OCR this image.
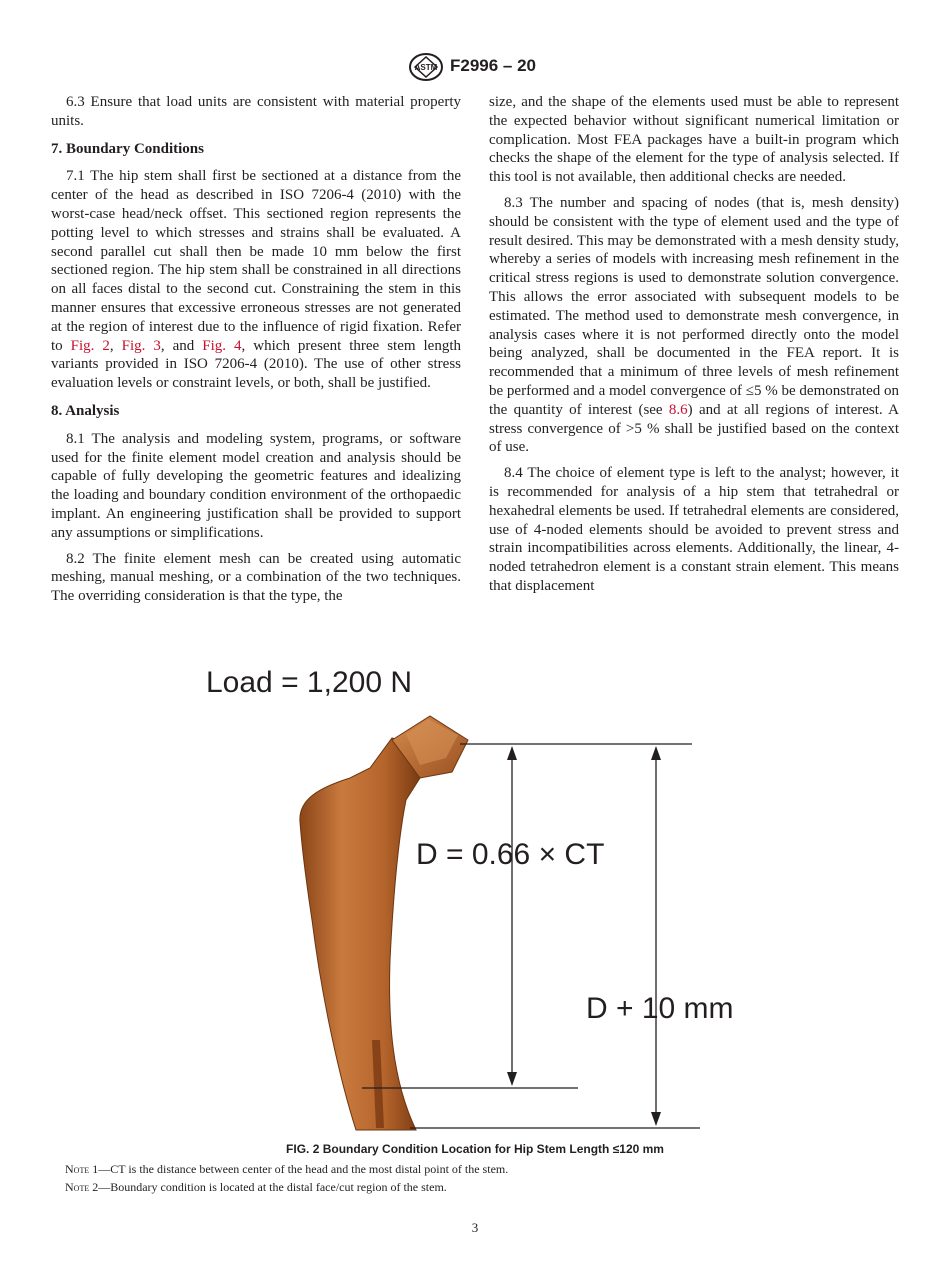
ASTM F2996 – 20

6.3 Ensure that load units are consistent with material property units.

7. Boundary Conditions

7.1 The hip stem shall first be sectioned at a distance from the center of the head as described in ISO 7206-4 (2010) with the worst-case head/neck offset. This sectioned region represents the potting level to which stresses and strains shall be evaluated. A second parallel cut shall then be made 10 mm below the first sectioned region. The hip stem shall be constrained in all directions on all faces distal to the second cut. Constraining the stem in this manner ensures that excessive erroneous stresses are not generated at the region of interest due to the influence of rigid fixation. Refer to Fig. 2, Fig. 3, and Fig. 4, which present three stem length variants provided in ISO 7206-4 (2010). The use of other stress evaluation levels or constraint levels, or both, shall be justified.

8. Analysis

8.1 The analysis and modeling system, programs, or software used for the finite element model creation and analysis should be capable of fully developing the geometric features and idealizing the loading and boundary condition environment of the orthopaedic implant. An engineering justification shall be provided to support any assumptions or simplifications.

8.2 The finite element mesh can be created using automatic meshing, manual meshing, or a combination of the two techniques. The overriding consideration is that the type, the

size, and the shape of the elements used must be able to represent the expected behavior without significant numerical limitation or complication. Most FEA packages have a built-in program which checks the shape of the element for the type of analysis selected. If this tool is not available, then additional checks are needed.

8.3 The number and spacing of nodes (that is, mesh density) should be consistent with the type of element used and the type of result desired. This may be demonstrated with a mesh density study, whereby a series of models with increasing mesh refinement in the critical stress regions is used to demonstrate solution convergence. This allows the error associated with subsequent models to be estimated. The method used to demonstrate mesh convergence, in analysis cases where it is not performed directly onto the model being analyzed, shall be documented in the FEA report. It is recommended that a minimum of three levels of mesh refinement be performed and a model convergence of ≤5 % be demonstrated on the quantity of interest (see 8.6) and at all regions of interest. A stress convergence of >5 % shall be justified based on the context of use.

8.4 The choice of element type is left to the analyst; however, it is recommended for analysis of a hip stem that tetrahedral or hexahedral elements be used. If tetrahedral elements are considered, use of 4-noded elements should be avoided to prevent stress and strain incompatibilities across elements. Additionally, the linear, 4-noded tetrahedron element is a constant strain element. This means that displacement

Load = 1,200 N
D = 0.66 × CT
D + 10 mm
FIG. 2 Boundary Condition Location for Hip Stem Length ≤120 mm
Note 1—CT is the distance between center of the head and the most distal point of the stem.
Note 2—Boundary condition is located at the distal face/cut region of the stem.
3
